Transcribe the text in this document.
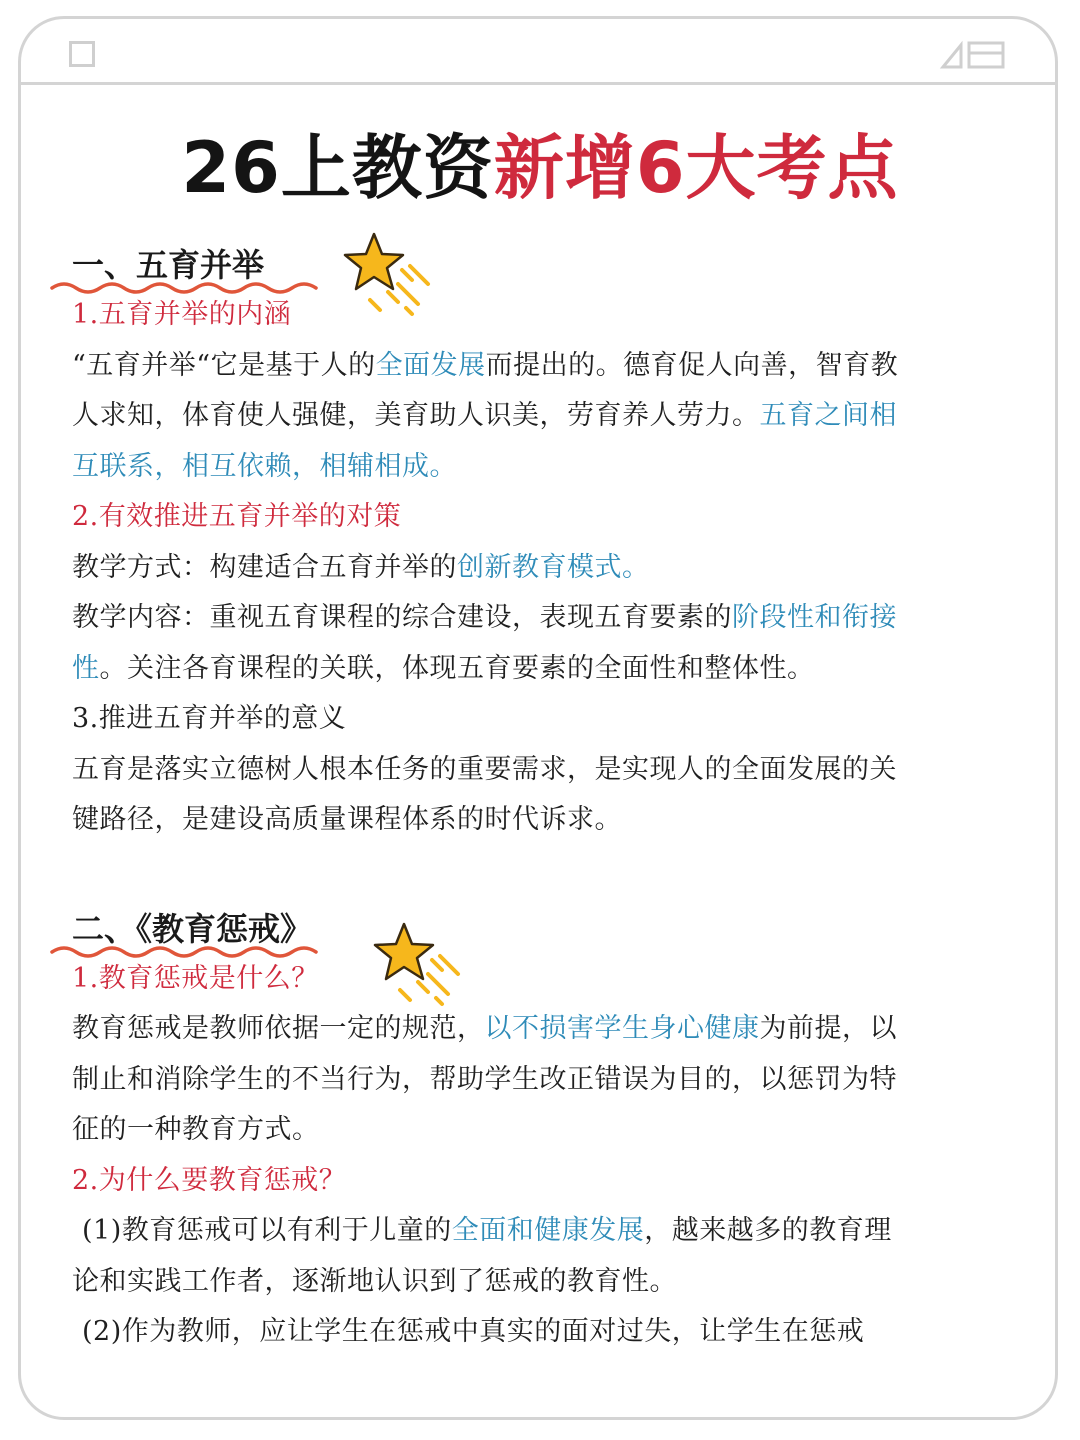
26上教资新增6大考点
一、五育并举
1.五育并举的内涵
“五育并举“它是基于人的全面发展而提出的。德育促人向善，智育教
人求知，体育使人强健，美育助人识美，劳育养人劳力。五育之间相
互联系，相互依赖，相辅相成。
2.有效推进五育并举的对策
教学方式：构建适合五育并举的创新教育模式。
教学内容：重视五育课程的综合建设，表现五育要素的阶段性和衔接
性。关注各育课程的关联，体现五育要素的全面性和整体性。
3.推进五育并举的意义
五育是落实立德树人根本任务的重要需求，是实现人的全面发展的关
键路径，是建设高质量课程体系的时代诉求。
二、《教育惩戒》
1.教育惩戒是什么？
教育惩戒是教师依据一定的规范，以不损害学生身心健康为前提，以
制止和消除学生的不当行为，帮助学生改正错误为目的，以惩罚为特
征的一种教育方式。
2.为什么要教育惩戒？
(1)教育惩戒可以有利于儿童的全面和健康发展，越来越多的教育理
论和实践工作者，逐渐地认识到了惩戒的教育性。
(2)作为教师，应让学生在惩戒中真实的面对过失，让学生在惩戒
